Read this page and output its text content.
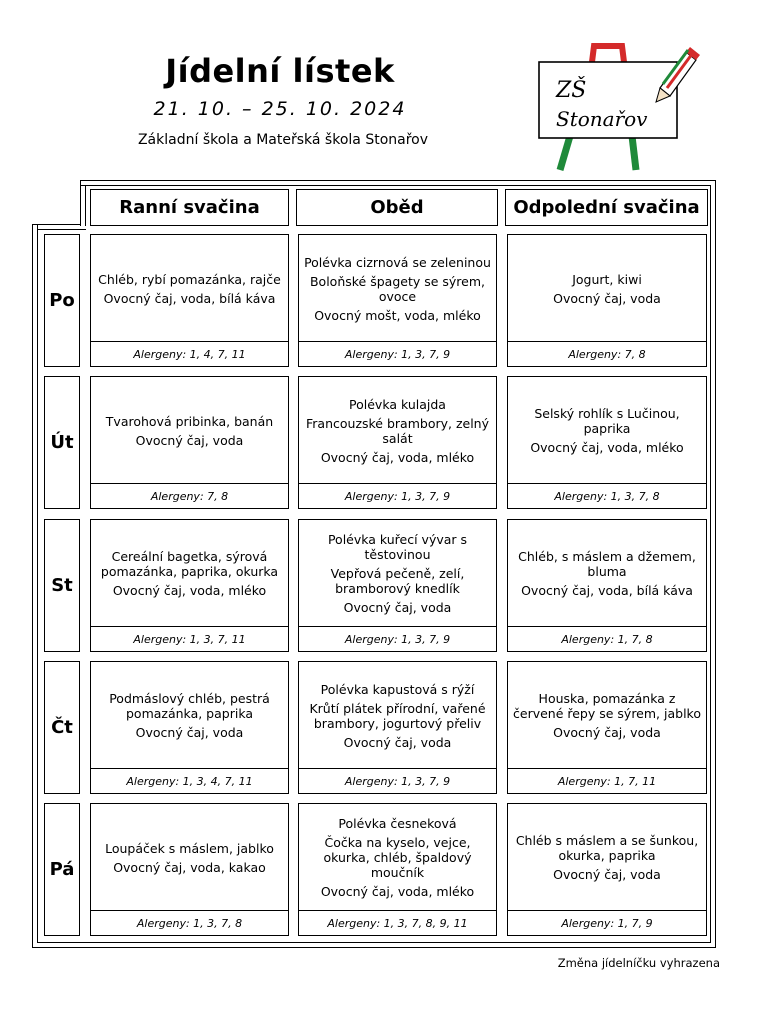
Jídelní lístek
21. 10. – 25. 10. 2024
Základní škola a Mateřská škola Stonařov
ZŠ
Stonařov
Ranní svačina	Oběd	Odpolední svačina
Po

Chléb, rybí pomazánka, rajče

Ovocný čaj, voda, bílá káva

Alergeny: 1, 4, 7, 11

Polévka cizrnová se zeleninou

Boloňské špagety se sýrem, ovoce

Ovocný mošt, voda, mléko

Alergeny: 1, 3, 7, 9

Jogurt, kiwi

Ovocný čaj, voda

Alergeny: 7, 8
Út

Tvarohová pribinka, banán

Ovocný čaj, voda

Alergeny: 7, 8

Polévka kulajda

Francouzské brambory, zelný salát

Ovocný čaj, voda, mléko

Alergeny: 1, 3, 7, 9

Selský rohlík s Lučinou, paprika

Ovocný čaj, voda, mléko

Alergeny: 1, 3, 7, 8
St

Cereální bagetka, sýrová pomazánka, paprika, okurka

Ovocný čaj, voda, mléko

Alergeny: 1, 3, 7, 11

Polévka kuřecí vývar s těstovinou

Vepřová pečeně, zelí, bramborový knedlík

Ovocný čaj, voda

Alergeny: 1, 3, 7, 9

Chléb, s máslem a džemem, bluma

Ovocný čaj, voda, bílá káva

Alergeny: 1, 7, 8
Čt

Podmáslový chléb, pestrá pomazánka, paprika

Ovocný čaj, voda

Alergeny: 1, 3, 4, 7, 11

Polévka kapustová s rýží

Krůtí plátek přírodní, vařené brambory, jogurtový přeliv

Ovocný čaj, voda

Alergeny: 1, 3, 7, 9

Houska, pomazánka z červené řepy se sýrem, jablko

Ovocný čaj, voda

Alergeny: 1, 7, 11
Pá

Loupáček s máslem, jablko

Ovocný čaj, voda, kakao

Alergeny: 1, 3, 7, 8

Polévka česneková

Čočka na kyselo, vejce, okurka, chléb, špaldový moučník

Ovocný čaj, voda, mléko

Alergeny: 1, 3, 7, 8, 9, 11

Chléb s máslem a se šunkou, okurka, paprika

Ovocný čaj, voda

Alergeny: 1, 7, 9
Změna jídelníčku vyhrazena
